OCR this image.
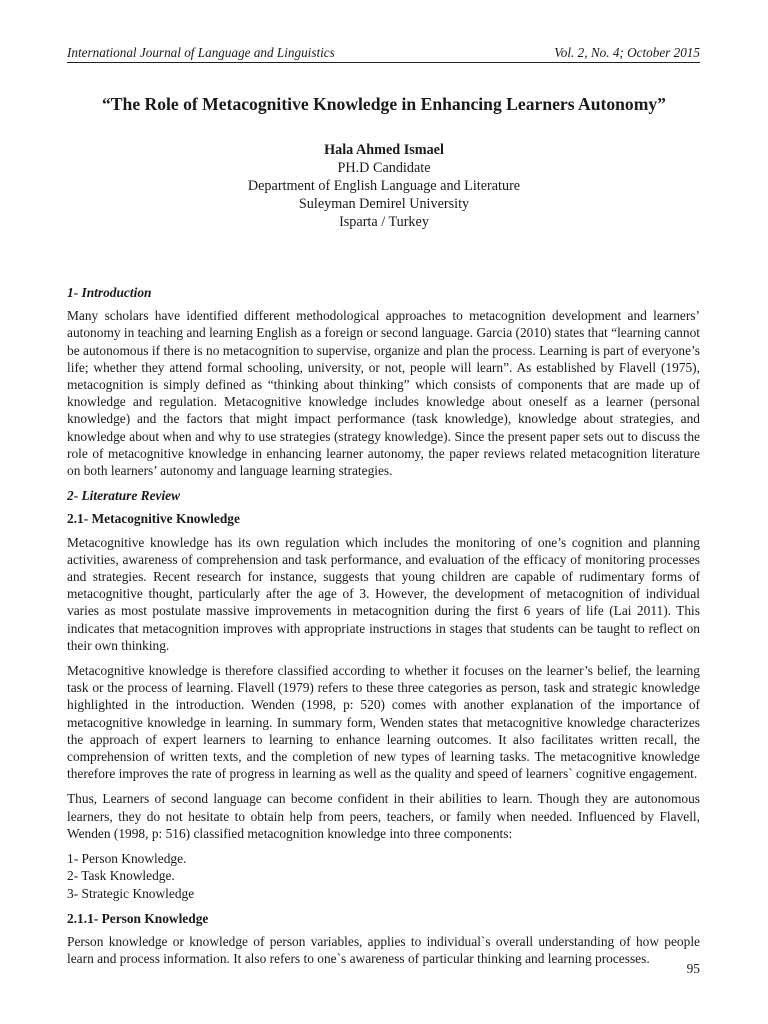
International Journal of Language and Linguistics	Vol. 2, No. 4; October 2015
“The Role of Metacognitive Knowledge in Enhancing Learners Autonomy”
Hala Ahmed Ismael
PH.D Candidate
Department of English Language and Literature
Suleyman Demirel University
Isparta / Turkey
1- Introduction

Many scholars have identified different methodological approaches to metacognition development and learners’ autonomy in teaching and learning English as a foreign or second language. Garcia (2010) states that “learning cannot be autonomous if there is no metacognition to supervise, organize and plan the process. Learning is part of everyone’s life; whether they attend formal schooling, university, or not, people will learn”. As established by Flavell (1975), metacognition is simply defined as “thinking about thinking” which consists of components that are made up of knowledge and regulation. Metacognitive knowledge includes knowledge about oneself as a learner (personal knowledge) and the factors that might impact performance (task knowledge), knowledge about strategies, and knowledge about when and why to use strategies (strategy knowledge). Since the present paper sets out to discuss the role of metacognitive knowledge in enhancing learner autonomy, the paper reviews related metacognition literature on both learners’ autonomy and language learning strategies.

2- Literature Review
2.1- Metacognitive Knowledge

Metacognitive knowledge has its own regulation which includes the monitoring of one’s cognition and planning activities, awareness of comprehension and task performance, and evaluation of the efficacy of monitoring processes and strategies. Recent research for instance, suggests that young children are capable of rudimentary forms of metacognitive thought, particularly after the age of 3. However, the development of metacognition of individual varies as most postulate massive improvements in metacognition during the first 6 years of life (Lai 2011). This indicates that metacognition improves with appropriate instructions in stages that students can be taught to reflect on their own thinking.

Metacognitive knowledge is therefore classified according to whether it focuses on the learner’s belief, the learning task or the process of learning. Flavell (1979) refers to these three categories as person, task and strategic knowledge highlighted in the introduction. Wenden (1998, p: 520) comes with another explanation of the importance of metacognitive knowledge in learning. In summary form, Wenden states that metacognitive knowledge characterizes the approach of expert learners to learning to enhance learning outcomes. It also facilitates written recall, the comprehension of written texts, and the completion of new types of learning tasks. The metacognitive knowledge therefore improves the rate of progress in learning as well as the quality and speed of learners` cognitive engagement.

Thus, Learners of second language can become confident in their abilities to learn. Though they are autonomous learners, they do not hesitate to obtain help from peers, teachers, or family when needed. Influenced by Flavell, Wenden (1998, p: 516) classified metacognition knowledge into three components:

1- Person Knowledge.
2- Task Knowledge.
3- Strategic Knowledge
2.1.1- Person Knowledge

Person knowledge or knowledge of person variables, applies to individual`s overall understanding of how people learn and process information. It also refers to one`s awareness of particular thinking and learning processes.

95
